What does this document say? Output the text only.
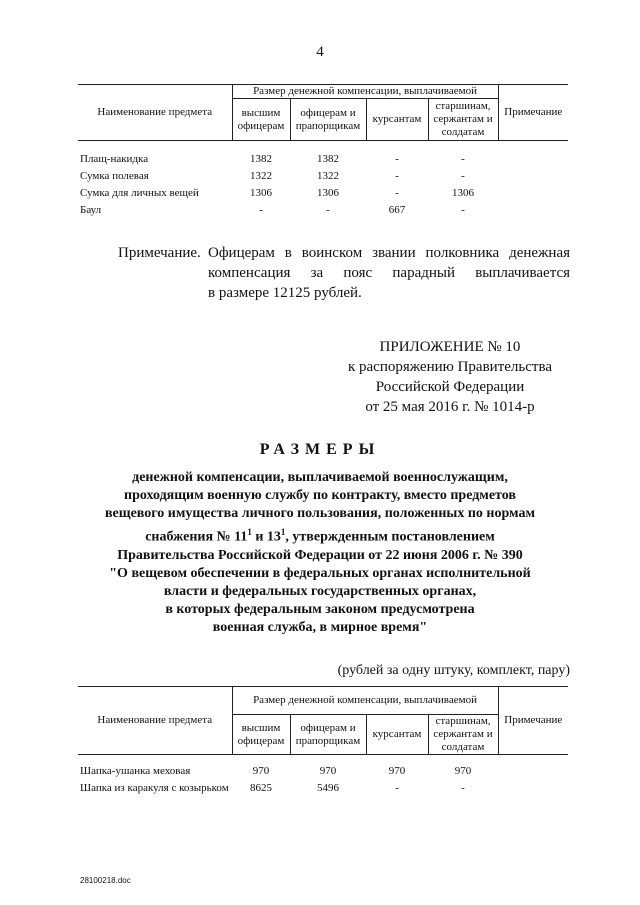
4
Наименование предмета	Размер денежной компенсации, выплачиваемой				Примечание
	высшим офицерам	офицерам и прапорщикам	курсантам	старшинам, сержантам и солдатам	

Плащ-накидка	1382	1382	-	-	
Сумка полевая	1322	1322	-	-	
Сумка для личных вещей	1306	1306	-	1306	
Баул	-	-	667	-	
Примечание. Офицерам в воинском звании полковника денежная
компенсация за пояс парадный выплачивается
в размере 12125 рублей.
ПРИЛОЖЕНИЕ № 10
к распоряжению Правительства
Российской Федерации
от 25 мая 2016 г. № 1014-р
РАЗМЕРЫ
денежной компенсации, выплачиваемой военнослужащим,
проходящим военную службу по контракту, вместо предметов
вещевого имущества личного пользования, положенных по нормам
снабжения № $11^1$ и $13^1$, утвержденным постановлением
Правительства Российской Федерации от 22 июня 2006 г. № 390
"О вещевом обеспечении в федеральных органах исполнительной
власти и федеральных государственных органах,
в которых федеральным законом предусмотрена
военная служба, в мирное время"
(рублей за одну штуку, комплект, пару)
Наименование предмета	Размер денежной компенсации, выплачиваемой				Примечание
	высшим офицерам	офицерам и прапорщикам	курсантам	старшинам, сержантам и солдатам	

Шапка-ушанка меховая	970	970	970	970	
Шапка из каракуля с козырьком	8625	5496	-	-	
28100218.doc
